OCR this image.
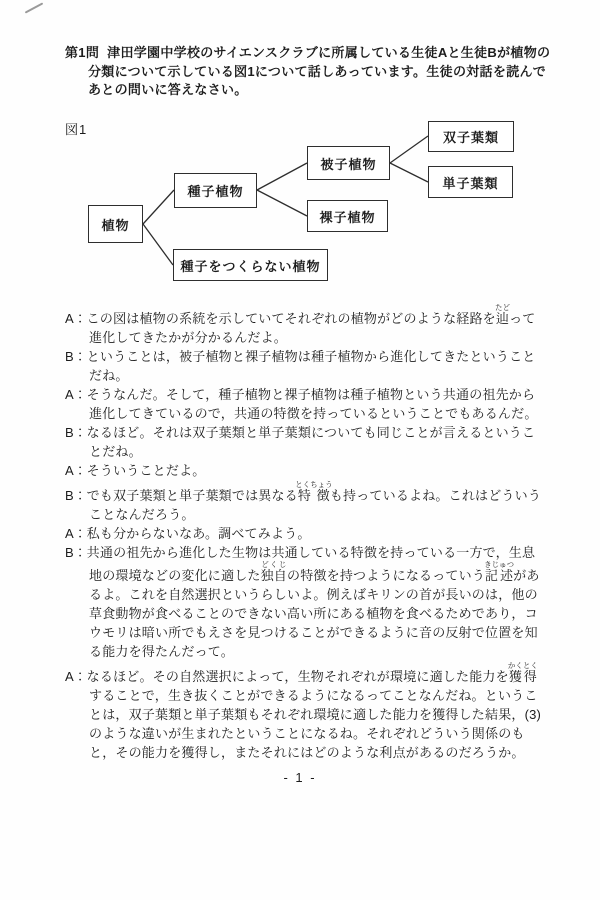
第1問 津田学園中学校のサイエンスクラブに所属している生徒Aと生徒Bが植物の
分類について示している図1について話しあっています。生徒の対話を読んで
あとの問いに答えなさい。
図1
植物
種子植物
種子をつくらない植物
被子植物
裸子植物
双子葉類
単子葉類

A：この図は植物の系統を示していてそれぞれの植物がどのような経路を辿たどって進化してきたかが分かるんだよ。

B：ということは，被子植物と裸子植物は種子植物から進化してきたということだね。

A：そうなんだ。そして，種子植物と裸子植物は種子植物という共通の祖先から進化してきているので，共通の特徴を持っているということでもあるんだ。

B：なるほど。それは双子葉類と単子葉類についても同じことが言えるということだね。

A：そういうことだよ。

B：でも双子葉類と単子葉類では異なる特徴とくちょうも持っているよね。これはどういうことなんだろう。

A：私も分からないなあ。調べてみよう。

B：共通の祖先から進化した生物は共通している特徴を持っている一方で，生息地の環境などの変化に適した独自どくじの特徴を持つようになるっていう記述きじゅつがあるよ。これを自然選択というらしいよ。例えばキリンの首が長いのは，他の草食動物が食べることのできない高い所にある植物を食べるためであり，コウモリは暗い所でもえさを見つけることができるように音の反射で位置を知る能力を得たんだって。

A：なるほど。その自然選択によって，生物それぞれが環境に適した能力を獲得かくとくすることで，生き抜くことができるようになるってことなんだね。ということは，双子葉類と単子葉類もそれぞれ環境に適した能力を獲得した結果，(3) のような違いが生まれたということになるね。それぞれどういう関係のもと，その能力を獲得し，またそれにはどのような利点があるのだろうか。

- 1 -
